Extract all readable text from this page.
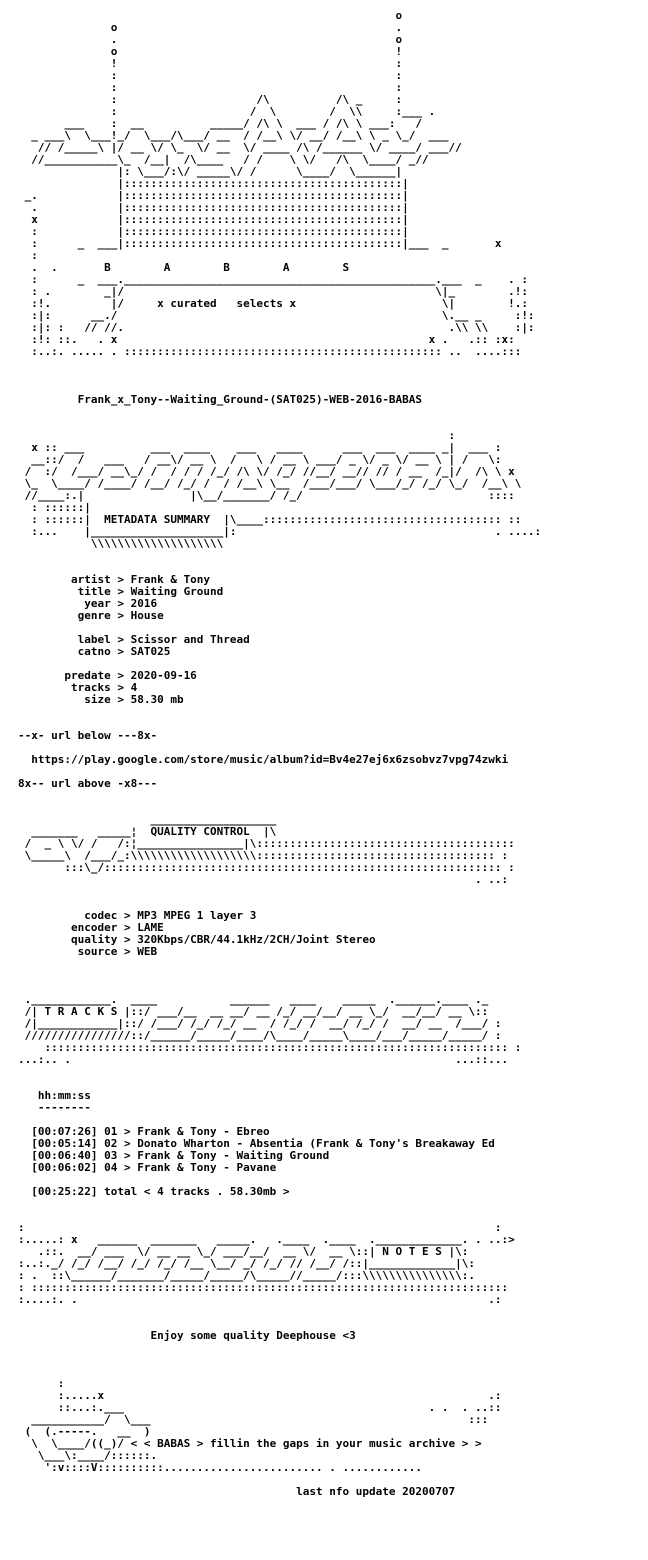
o
o                                          .
.                                          o
o                                          !
!                                          :
:                                          :
:                                          :
:                     /\          /\ _     :
:                    /  \        /  \\     :___ .
___    :  __          _____/ /\ \  ___ / /\ \ ___:   /
_ ___\  \___!_/  \___/\___/ __  / /__\ \/ __/ /__\ \ _ \_/  ___
// /_____\ |/ __ \/ \_  \/ __  \/ ____ /\ /______ \/ ____/ ___//
//___________\_  /__|  /\____   / /    \ \/   /\  \____/ _//
|: \___/:\/ _____\/ /      \____/  \______|
|::::::::::::::::::::::::::::::::::::::::::|
_.            |::::::::::::::::::::::::::::::::::::::::::|
.            |::::::::::::::::::::::::::::::::::::::::::|
x            |::::::::::::::::::::::::::::::::::::::::::|
:            |::::::::::::::::::::::::::::::::::::::::::|
:      _  ___|::::::::::::::::::::::::::::::::::::::::::|___  _       x
:
.  .       B        A        B        A        S
:      _  ___._______________________________________________.___  _    . :
: .        _|/                                               \|_        .!:
:!.         |/     x curated   selects x                      \|        !.:
:|:      __./                                                 \.__ _     :!:
:|: :   // //.                                                 .\\ \\    :|:
:!: ::.   . x                                               x .   .:: :x:
:..:. ..... . :::::::::::::::::::::::::::::::::::::::::::::::: ..  ....:::

Frank_x_Tony--Waiting_Ground-(SAT025)-WEB-2016-BABAS

:
x :: ___          ___  ____    ___   ____      ___  ___  ____ _|  ___ :
__::/  /   ___   / __\/ __ \  /   \ / __ \ ___/ _ \/ _ \/ __ \ | /   \:
/  :/  /___/ __\_/ /  / / / /_/ /\ \/ /_/ //__/ __// // / __  /_|/  /\ \ x
\_  \____/ /____/ /__/ /_/ /  / /__\ \__  /___/___/ \___/_/ /_/ \_/  /__\ \
//____:.|                |\__/_______/ /_/                            ::::
: ::::::|
: ::::::|  METADATA SUMMARY  |\____:::::::::::::::::::::::::::::::::::: ::
:...    |____________________|:                                       . ....:
\\\\\\\\\\\\\\\\\\\\

artist > Frank & Tony
title > Waiting Ground
year > 2016
genre > House

label > Scissor and Thread
catno > SAT025

predate > 2020-09-16
tracks > 4
size > 58.30 mb

--x- url below ---8x-

https://play.google.com/store/music/album?id=Bv4e27ej6x6zsobvz7vpg74zwki

8x-- url above -x8---

___________________
_______   _____¦  QUALITY CONTROL  |\
/  _ \ \/ /   /:¦________________|\:::::::::::::::::::::::::::::::::::::::
\_____\  /___/_:\\\\\\\\\\\\\\\\\\\:::::::::::::::::::::::::::::::::::: :
:::\_/:::::::::::::::::::::::::::::::::::::::::::::::::::::::::::: :
. ..:

codec > MP3 MPEG 1 layer 3
encoder > LAME
quality > 320Kbps/CBR/44.1kHz/2CH/Joint Stereo
source > WEB

.____________.  ____           ______   ____    _____  .______.____ ._
/| T R A C K S |::/ ___/__  __ __/ __ /_/ __/__/ __ \_/  __/__/ __ \::
/|____________|::/ /___/ /_/ /_/ __  / /_/ /  __/ /_/ /  __/ __  /___/ :
////////////////::/______/_____/____/\____/_____\____/___/_____/_____/ :
:::::::::::::::::::::::::::::::::::::::::::::::::::::::::::::::::::::: :
...:.. .                                                          ...::...

hh:mm:ss
--------

[00:07:26] 01 > Frank & Tony - Ebreo
[00:05:14] 02 > Donato Wharton - Absentia (Frank & Tony's Breakaway Ed
[00:06:40] 03 > Frank & Tony - Waiting Ground
[00:06:02] 04 > Frank & Tony - Pavane

[00:25:22] total < 4 tracks . 58.30mb >

:                                                                       :
:.....: x   ______  _______   _____.   .____  .____  ._____________. . ..:>
.::.  __/ ___  \/ __ __ \_/ ___/__/  __ \/  __ \::| N O T E S |\:
:..:._/ /_/ /__/ /_/ /_/ /__ \__/ _/ /_/ // /__/ /::|_____________|\:
: .  ::\______/_______/_____/_____/\_____//_____/:::\\\\\\\\\\\\\\\:.
: ::::::::::::::::::::::::::::::::::::::::::::::::::::::::::::::::::::::::
:....:. .                                                              .:

Enjoy some quality Deephouse <3

:
:.....x                                                          .:
::...:.___                                              . .  . ..::
___________/  \___                                                :::
(  (.-----.   __  )
\  \____/((_)/ < < BABAS > fillin the gaps in your music archive > >
\___\:____/::::::.
':v::::V::::::::::........................ . ............

last nfo update 20200707
